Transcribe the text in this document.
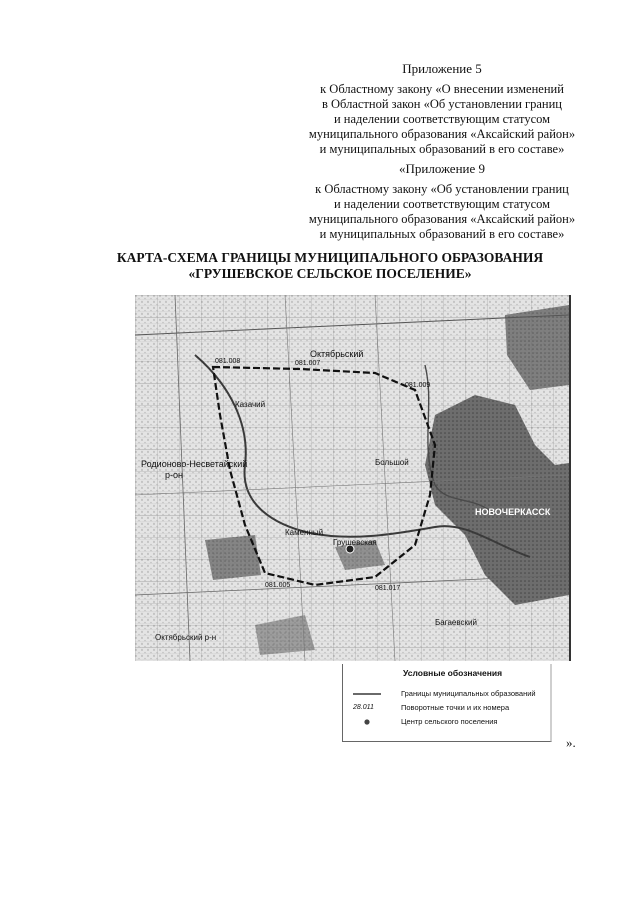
Приложение 5
к Областному закону «О внесении изменений
в Областной закон «Об установлении границ
и наделении соответствующим статусом
муниципального образования «Аксайский район»
и муниципальных образований в его составе»
«Приложение 9
к Областному закону «Об установлении границ
и наделении соответствующим статусом
муниципального образования «Аксайский район»
и муниципальных образований в его составе»
КАРТА-СХЕМА ГРАНИЦЫ МУНИЦИПАЛЬНОГО ОБРАЗОВАНИЯ
«ГРУШЕВСКОЕ СЕЛЬСКОЕ ПОСЕЛЕНИЕ»
Октябрьский
Родионово-Несветайский
р-он
Грушевская
НОВОЧЕРКАССК
Каменный
Октябрьский р-н
Багаевский
Большой
Казачий
081.008	081.007
081.009
081.017
081.005
Условные обозначения
Границы муниципальных образований
28.011	Поворотные точки и их номера
Центр сельского поселения
».
